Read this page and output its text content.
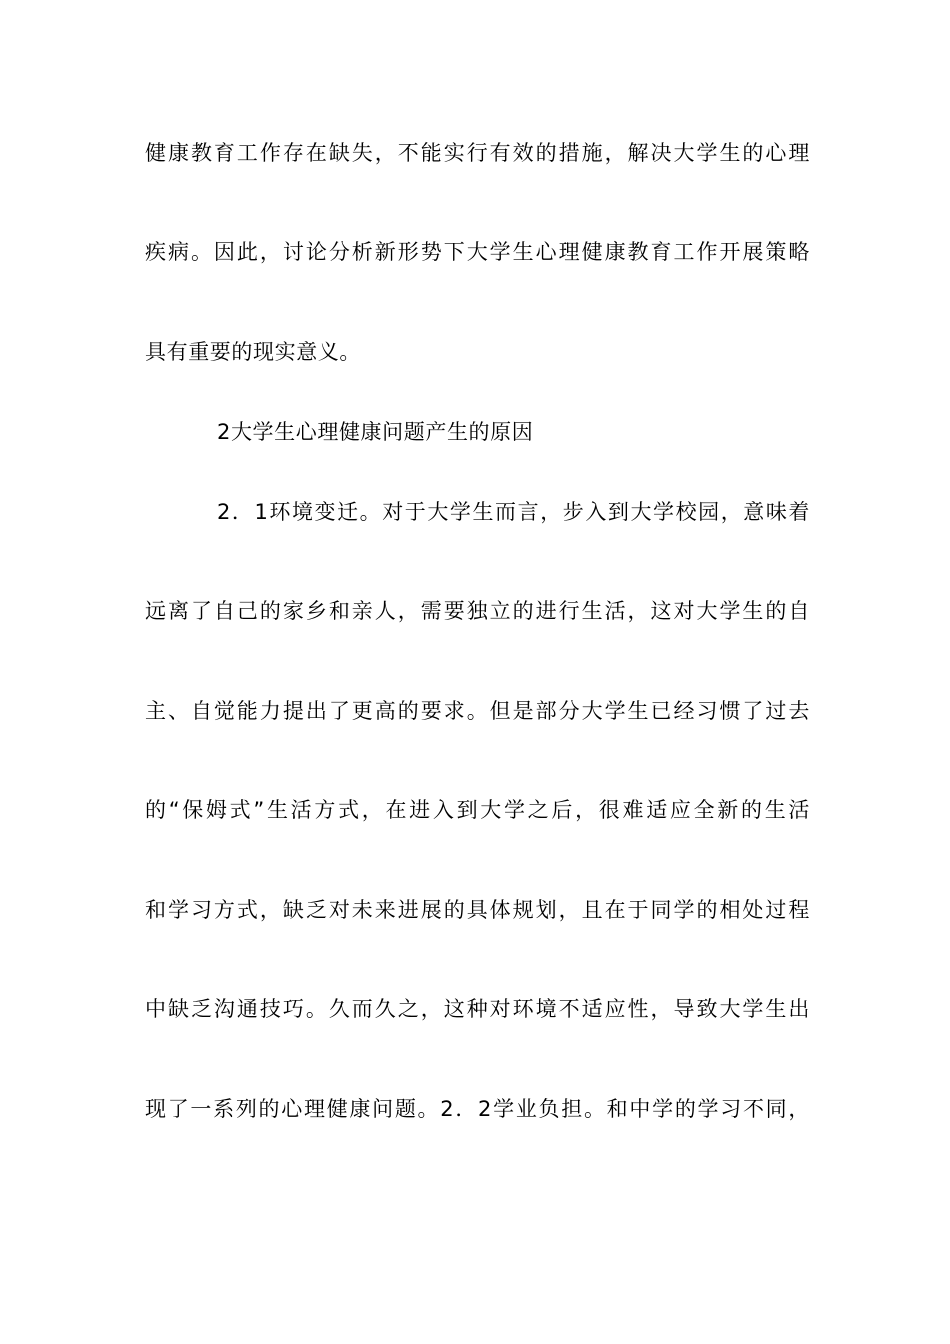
健康教育工作存在缺失，不能实行有效的措施，解决大学生的心理
疾病。因此，讨论分析新形势下大学生心理健康教育工作开展策略
具有重要的现实意义。
2大学生心理健康问题产生的原因
2．1环境变迁。对于大学生而言，步入到大学校园，意味着
远离了自己的家乡和亲人，需要独立的进行生活，这对大学生的自
主、自觉能力提出了更高的要求。但是部分大学生已经习惯了过去
的“保姆式”生活方式，在进入到大学之后，很难适应全新的生活
和学习方式，缺乏对未来进展的具体规划，且在于同学的相处过程
中缺乏沟通技巧。久而久之，这种对环境不适应性，导致大学生出
现了一系列的心理健康问题。2．2学业负担。和中学的学习不同，
